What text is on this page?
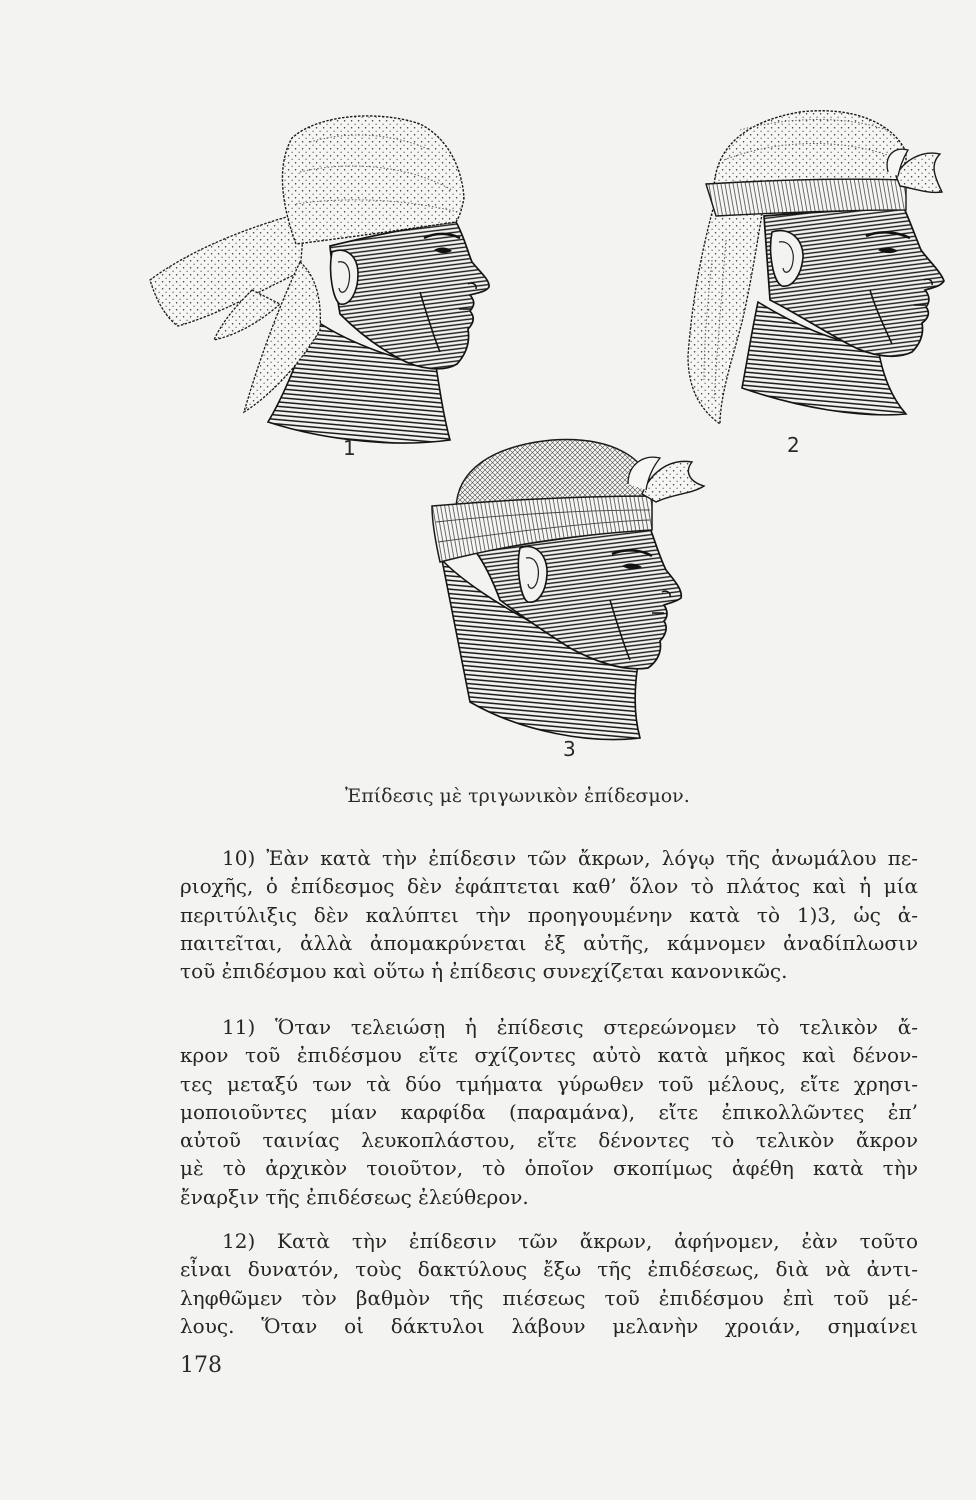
1	2
3
Ἐπίδεσις μὲ τριγωνικὸν ἐπίδεσμον.
10) Ἐὰν κατὰ τὴν ἐπίδεσιν τῶν ἄκρων, λόγῳ τῆς ἀνωμάλου πε-
ριοχῆς, ὁ ἐπίδεσμος δὲν ἐφάπτεται καθ’ ὅλον τὸ πλάτος καὶ ἡ μία
περιτύλιξις δὲν καλύπτει τὴν προηγουμένην κατὰ τὸ 1)3, ὡς ἀ-
παιτεῖται, ἀλλὰ ἀπομακρύνεται ἐξ αὐτῆς, κάμνομεν ἀναδίπλωσιν
τοῦ ἐπιδέσμου καὶ οὕτω ἡ ἐπίδεσις συνεχίζεται κανονικῶς.
11) Ὅταν τελειώσῃ ἡ ἐπίδεσις στερεώνομεν τὸ τελικὸν ἄ-
κρον τοῦ ἐπιδέσμου εἴτε σχίζοντες αὐτὸ κατὰ μῆκος καὶ δένον-
τες μεταξύ των τὰ δύο τμήματα γύρωθεν τοῦ μέλους, εἴτε χρησι-
μοποιοῦντες μίαν καρφίδα (παραμάνα), εἴτε ἐπικολλῶντες ἐπ’
αὐτοῦ ταινίας λευκοπλάστου, εἴτε δένοντες τὸ τελικὸν ἄκρον
μὲ τὸ ἀρχικὸν τοιοῦτον, τὸ ὁποῖον σκοπίμως ἀφέθη κατὰ τὴν
ἔναρξιν τῆς ἐπιδέσεως ἐλεύθερον.
12) Κατὰ τὴν ἐπίδεσιν τῶν ἄκρων, ἀφήνομεν, ἐὰν τοῦτο
εἶναι δυνατόν, τοὺς δακτύλους ἔξω τῆς ἐπιδέσεως, διὰ νὰ ἀντι-
ληφθῶμεν τὸν βαθμὸν τῆς πιέσεως τοῦ ἐπιδέσμου ἐπὶ τοῦ μέ-
λους. Ὅταν οἱ δάκτυλοι λάβουν μελανὴν χροιάν, σημαίνει
178
